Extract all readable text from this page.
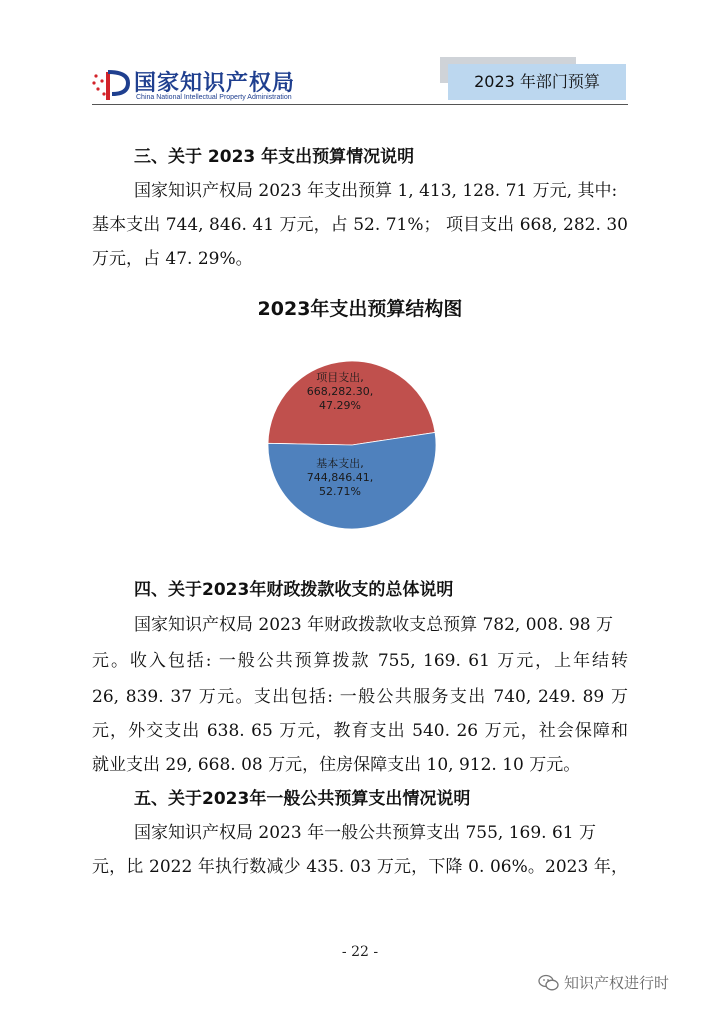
2023 年部门预算
国家知识产权局
China National Intellectual Property Administration
三、关于 2023 年支出预算情况说明
国家知识产权局 2023 年支出预算 1, 413, 128. 71 万元, 其中:
基本支出 744, 846. 41 万元，占 52. 71%； 项目支出 668, 282. 30
万元，占 47. 29%。
2023年支出预算结构图
项目支出, 668,282.30, 47.29%
基本支出, 744,846.41, 52.71%
四、关于2023年财政拨款收支的总体说明
国家知识产权局 2023 年财政拨款收支总预算 782, 008. 98 万
元。收入包括: 一般公共预算拨款 755, 169. 61 万元，上年结转
26, 839. 37 万元。支出包括: 一般公共服务支出 740, 249. 89 万
元，外交支出 638. 65 万元，教育支出 540. 26 万元，社会保障和
就业支出 29, 668. 08 万元，住房保障支出 10, 912. 10 万元。
五、关于2023年一般公共预算支出情况说明
国家知识产权局 2023 年一般公共预算支出 755, 169. 61 万
元，比 2022 年执行数减少 435. 03 万元，下降 0. 06%。2023 年，
- 22 -
知识产权进行时
